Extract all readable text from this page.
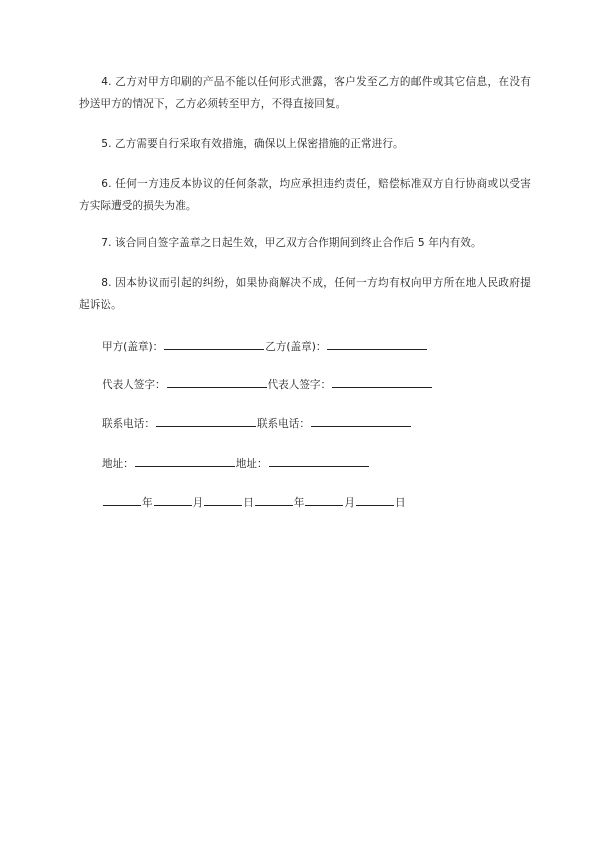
4. 乙方对甲方印刷的产品不能以任何形式泄露，客户发至乙方的邮件或其它信息，在没有抄送甲方的情况下，乙方必须转至甲方，不得直接回复。

5. 乙方需要自行采取有效措施，确保以上保密措施的正常进行。

6. 任何一方违反本协议的任何条款，均应承担违约责任，赔偿标准双方自行协商或以受害方实际遭受的损失为准。

7. 该合同自签字盖章之日起生效，甲乙双方合作期间到终止合作后 5 年内有效。

8. 因本协议而引起的纠纷，如果协商解决不成，任何一方均有权向甲方所在地人民政府提起诉讼。

甲方(盖章)：	乙方(盖章)：
代表人签字：	代表人签字：
联系电话：	联系电话：
地址：	地址：
年	月	日	年	月	日
